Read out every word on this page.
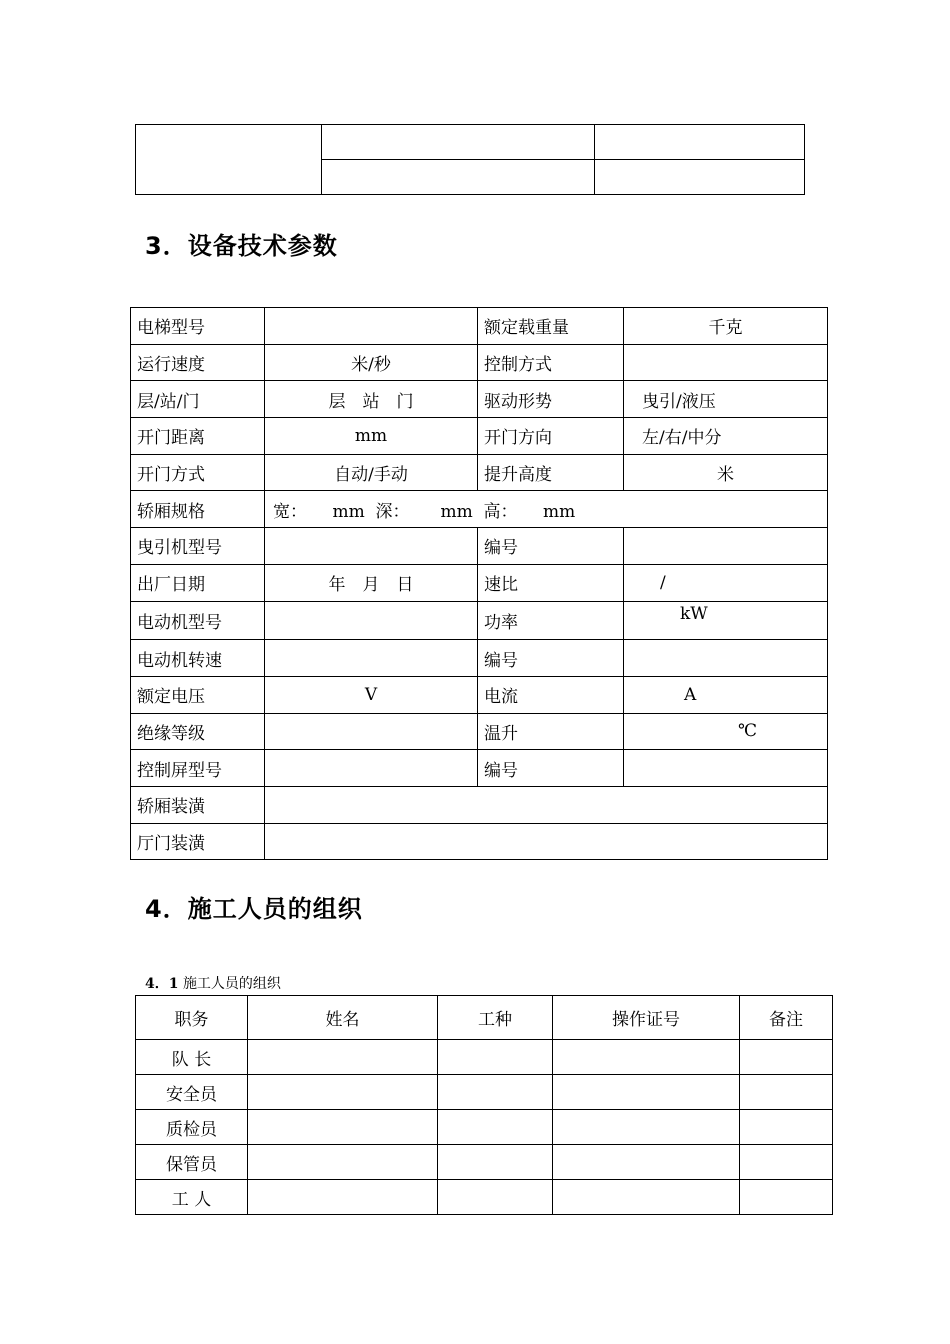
3．设备技术参数
电梯型号		额定载重量	千克
运行速度	米/秒	控制方式	
层/站/门	层　站　门	驱动形势	曳引/液压
开门距离	mm	开门方向	左/右/中分
开门方式	自动/手动	提升高度	米
轿厢规格	宽：　　mm  深：　　 mm  高：　　mm		
曳引机型号		编号	
出厂日期	年　月　日	速比	/
电动机型号		功率	kW
电动机转速		编号	
额定电压	V	电流	A
绝缘等级		温升	℃
控制屏型号		编号	
轿厢装潢			
厅门装潢			
4．施工人员的组织
4．1 施工人员的组织
职务	姓名	工种	操作证号	备注
队 长				
安全员				
质检员				
保管员				
工 人				
